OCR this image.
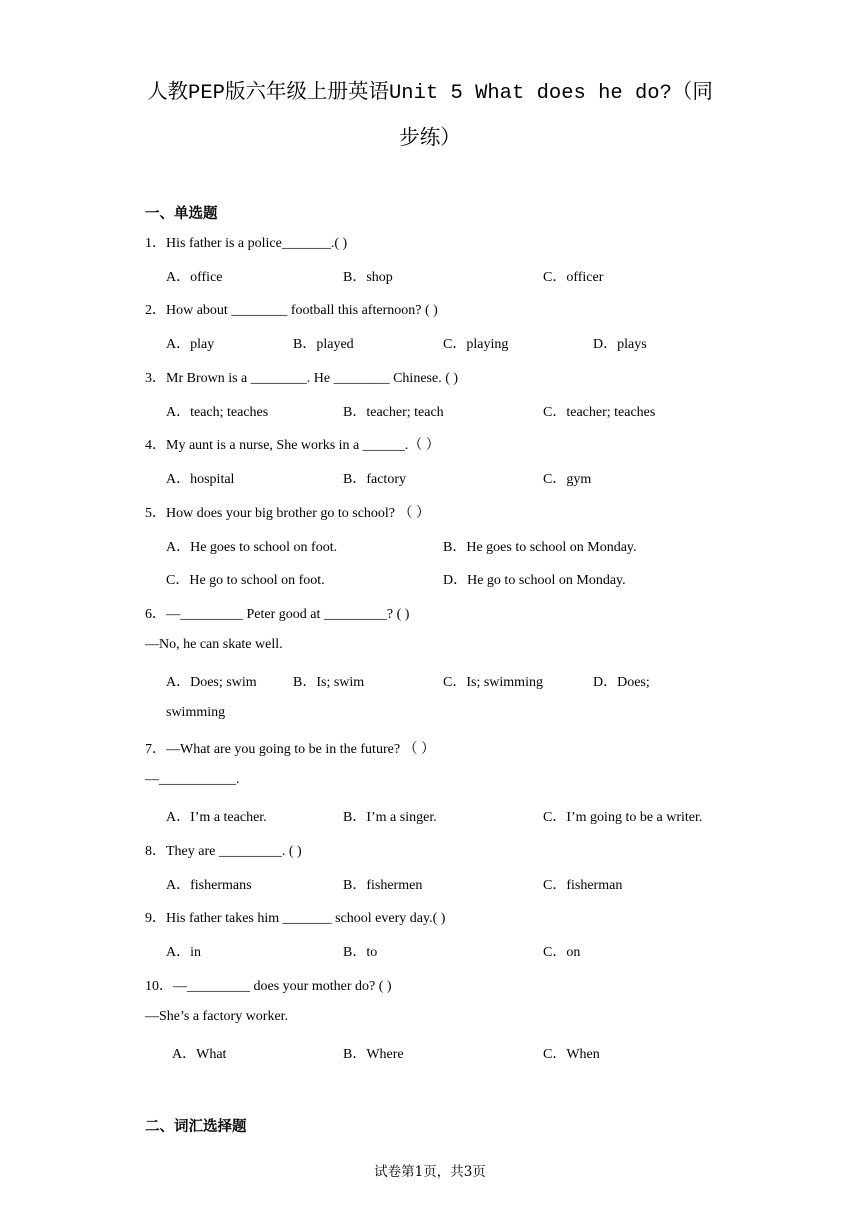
人教PEP版六年级上册英语Unit 5 What does he do?（同
步练）
一、单选题
1．His father is a police_______.( )
A．office	B．shop	C．officer
2．How about ________ football this afternoon? ( )
A．play	B．played	C．playing	D．plays
3．Mr Brown is a ________. He ________ Chinese. ( )
A．teach; teaches	B．teacher; teach	C．teacher; teaches
4．My aunt is a nurse, She works in a ______.（ ）
A．hospital	B．factory	C．gym
5．How does your big brother go to school? （ ）
A．He goes to school on foot.	B．He goes to school on Monday.
C．He go to school on foot.	D．He go to school on Monday.
6．—_________ Peter good at _________? ( )
—No, he can skate well.
A．Does; swim	B．Is; swim	C．Is; swimming	D．Does;
swimming
7．—What are you going to be in the future? （ ）
—___________.
A．I’m a teacher.	B．I’m a singer.	C．I’m going to be a writer.
8．They are _________. ( )
A．fishermans	B．fishermen	C．fisherman
9．His father takes him _______ school every day.( )
A．in	B．to	C．on
10．—_________ does your mother do? ( )
—She’s a factory worker.
A．What	B．Where	C．When
二、词汇选择题
试卷第1页，共3页
